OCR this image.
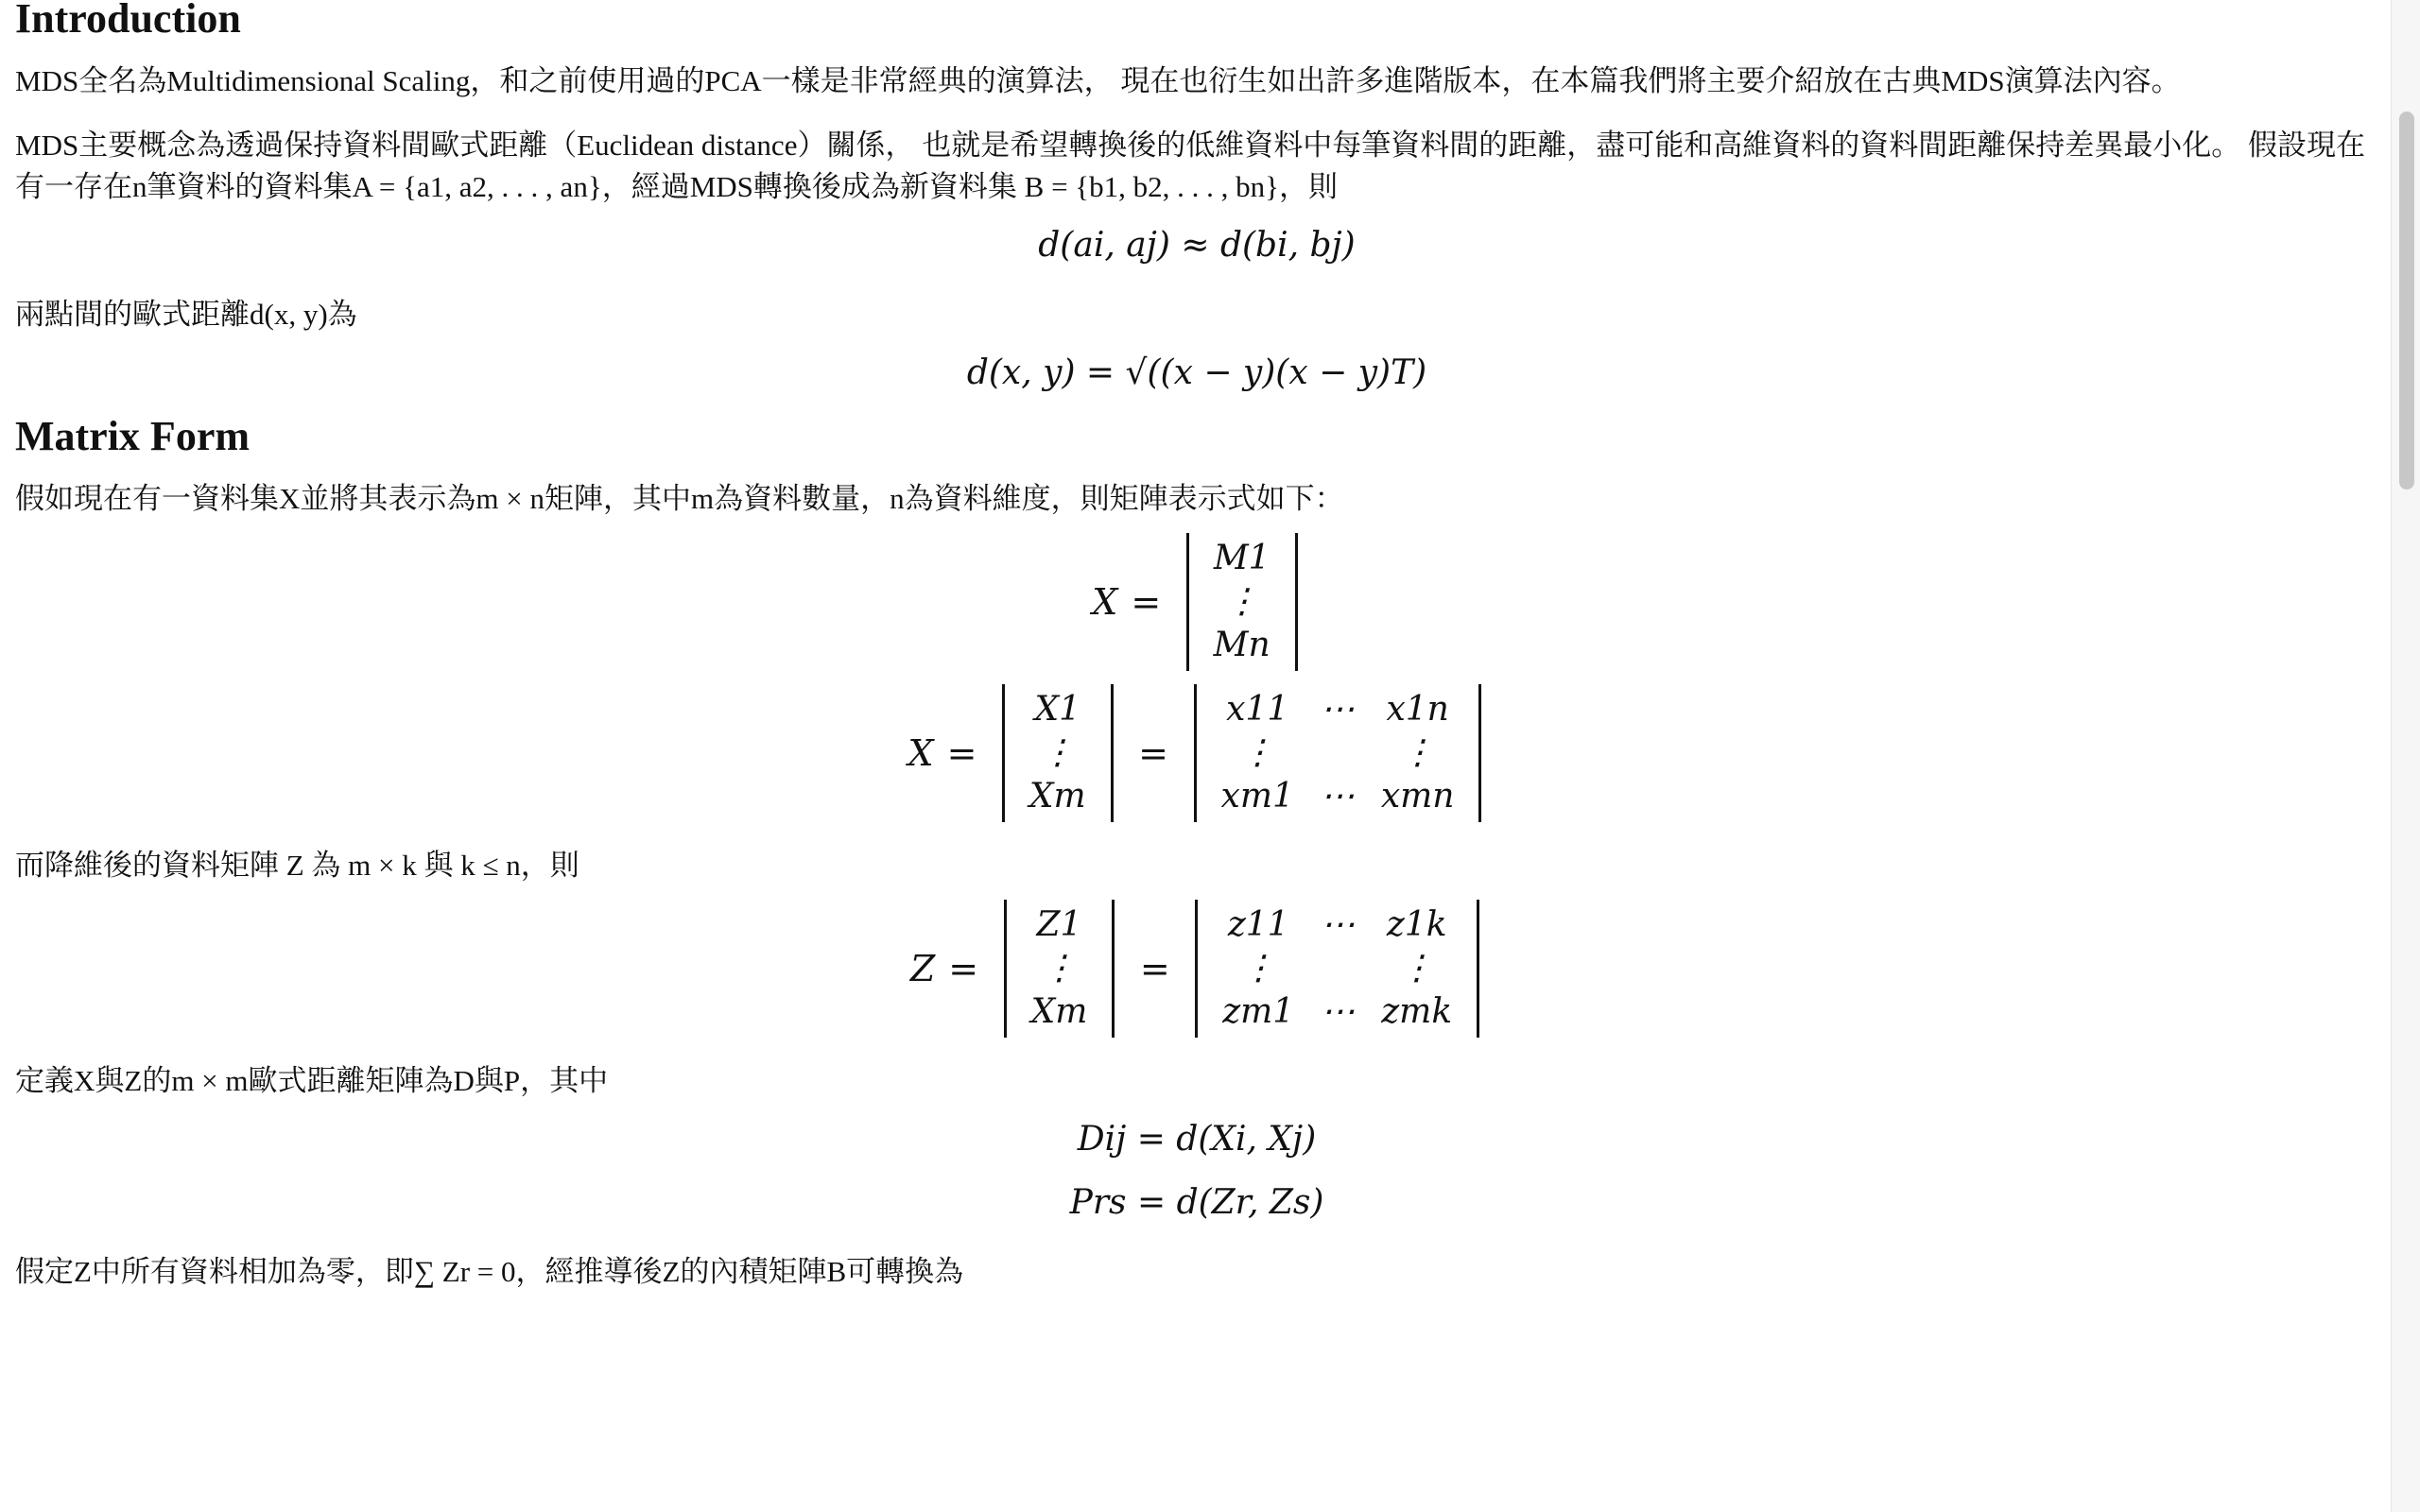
Introduction

MDS全名為Multidimensional Scaling，和之前使用過的PCA一樣是非常經典的演算法， 現在也衍生如出許多進階版本，在本篇我們將主要介紹放在古典MDS演算法內容。

MDS主要概念為透過保持資料間歐式距離（Euclidean distance）關係， 也就是希望轉換後的低維資料中每筆資料間的距離，盡可能和高維資料的資料間距離保持差異最小化。 假設現在有一存在n筆資料的資料集A = {a1, a2, . . . , an}，經過MDS轉換後成為新資料集 B = {b1, b2, . . . , bn}，則

d(ai, aj) ≈ d(bi, bj)

兩點間的歐式距離d(x, y)為

d(x, y) = √((x − y)(x − y)T)
Matrix Form

假如現在有一資料集X並將其表示為m × n矩陣，其中m為資料數量，n為資料維度，則矩陣表示式如下：

X =
M1
⋮
Mn
X =
X1
⋮
Xm
=
x11	⋯	x1n
⋮		⋮
xm1	⋯	xmn

而降維後的資料矩陣 Z 為 m × k 與 k ≤ n，則

Z =
Z1
⋮
Xm
=
z11	⋯	z1k
⋮		⋮
zm1	⋯	zmk

定義X與Z的m × m歐式距離矩陣為D與P，其中

Dij = d(Xi, Xj)
Prs = d(Zr, Zs)

假定Z中所有資料相加為零，即∑ Zr = 0，經推導後Z的內積矩陣B可轉換為
